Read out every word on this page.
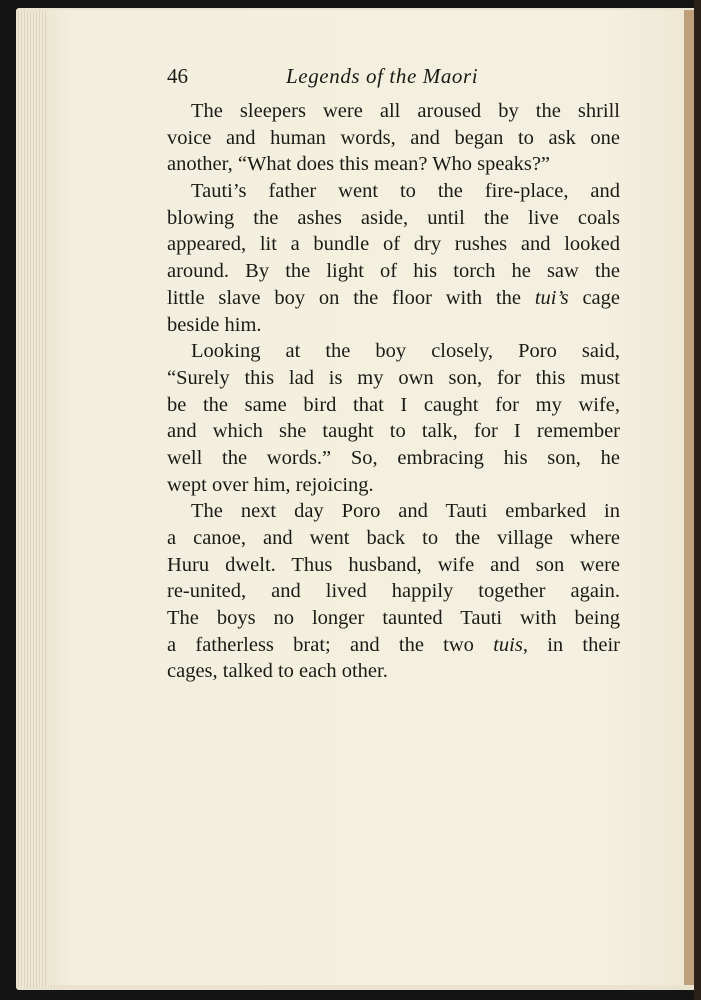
46	Legends of the Maori
The sleepers were all aroused by the shrill
voice and human words, and began to ask one
another, “What does this mean? Who speaks?”
Tauti’s father went to the fire-place, and
blowing the ashes aside, until the live coals
appeared, lit a bundle of dry rushes and looked
around. By the light of his torch he saw the
little slave boy on the floor with the tui’s cage
beside him.
Looking at the boy closely, Poro said,
“Surely this lad is my own son, for this must
be the same bird that I caught for my wife,
and which she taught to talk, for I remember
well the words.” So, embracing his son, he
wept over him, rejoicing.
The next day Poro and Tauti embarked in
a canoe, and went back to the village where
Huru dwelt. Thus husband, wife and son were
re-united, and lived happily together again.
The boys no longer taunted Tauti with being
a fatherless brat; and the two tuis, in their
cages, talked to each other.
